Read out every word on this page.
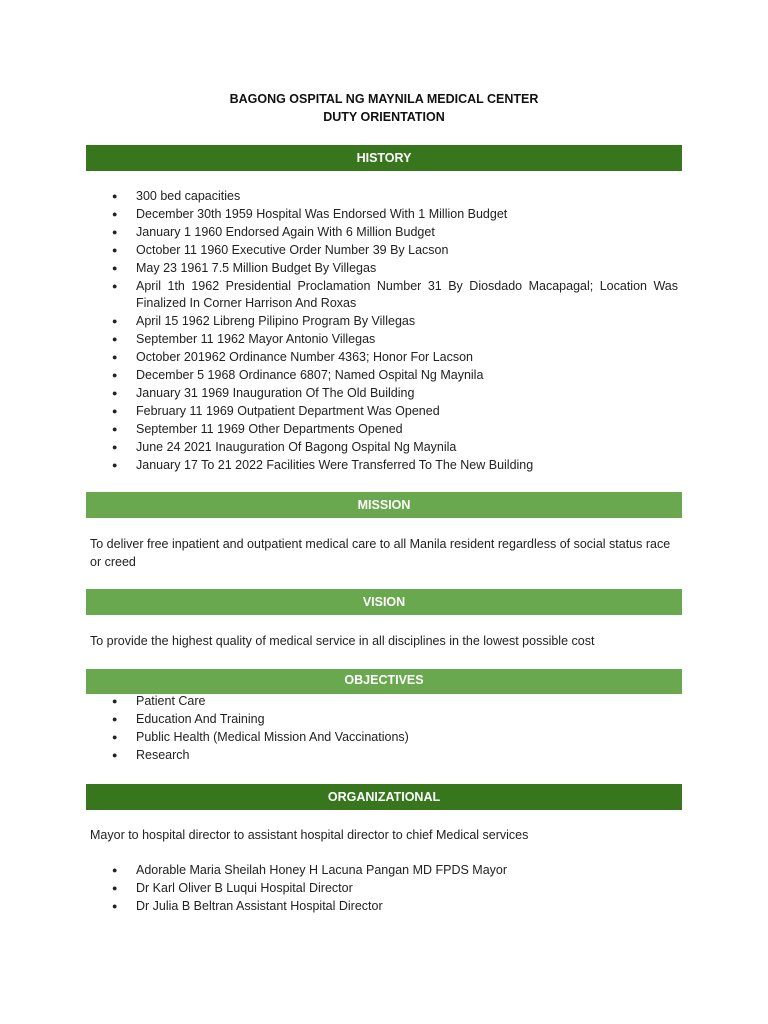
BAGONG OSPITAL NG MAYNILA MEDICAL CENTER
DUTY ORIENTATION
HISTORY
● 300 bed capacities
● December 30th 1959 Hospital Was Endorsed With 1 Million Budget
● January 1 1960 Endorsed Again With 6 Million Budget
● October 11 1960 Executive Order Number 39 By Lacson
● May 23 1961 7.5 Million Budget By Villegas
● April 1th 1962 Presidential Proclamation Number 31 By Diosdado Macapagal; Location Was Finalized In Corner Harrison And Roxas
● April 15 1962 Libreng Pilipino Program By Villegas
● September 11 1962 Mayor Antonio Villegas
● October 201962 Ordinance Number 4363; Honor For Lacson
● December 5 1968 Ordinance 6807; Named Ospital Ng Maynila
● January 31 1969 Inauguration Of The Old Building
● February 11 1969 Outpatient Department Was Opened
● September 11 1969 Other Departments Opened
● June 24 2021 Inauguration Of Bagong Ospital Ng Maynila
● January 17 To 21 2022 Facilities Were Transferred To The New Building
MISSION
To deliver free inpatient and outpatient medical care to all Manila resident regardless of social status race or creed
VISION
To provide the highest quality of medical service in all disciplines in the lowest possible cost
OBJECTIVES
● Patient Care
● Education And Training
● Public Health (Medical Mission And Vaccinations)
● Research
ORGANIZATIONAL
Mayor to hospital director to assistant hospital director to chief Medical services
● Adorable Maria Sheilah Honey H Lacuna Pangan MD FPDS Mayor
● Dr Karl Oliver B Luqui Hospital Director
● Dr Julia B Beltran Assistant Hospital Director
